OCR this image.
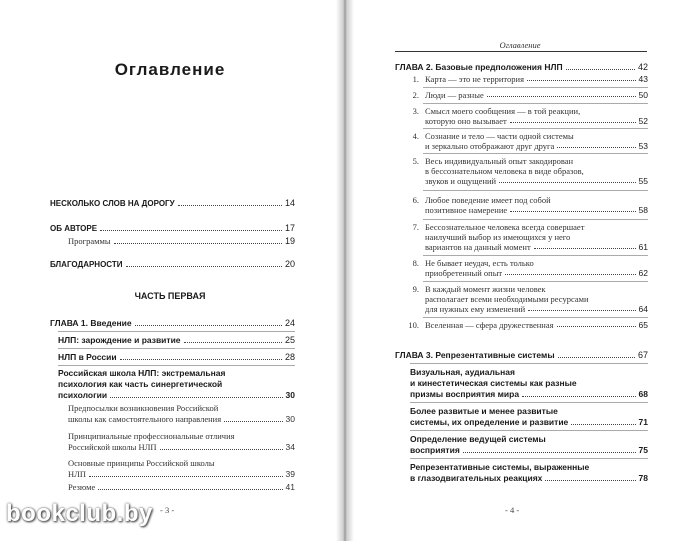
Оглавление
НЕСКОЛЬКО СЛОВ НА ДОРОГУ	14
ОБ АВТОРЕ	17
Программы	19
БЛАГОДАРНОСТИ	20
ЧАСТЬ ПЕРВАЯ
ГЛАВА 1. Введение	24
НЛП: зарождение и развитие	25
НЛП в России	28
Российская школа НЛП: экстремальная
психология как часть синергетической
психологии	30
Предпосылки возникновения Российской
школы как самостоятельного направления	30
Принципиальные профессиональные отличия
Российской школы НЛП	34
Основные принципы Российской школы
НЛП	39
Резюме	41
- 3 -
Оглавление
ГЛАВА 2. Базовые предположения НЛП	42
1. Карта — это не территория	43
2. Люди — разные	50
3. Смысл моего сообщения — в той реакции,
которую оно вызывает	52
4. Сознание и тело — части одной системы
и зеркально отображают друг друга	53
5. Весь индивидуальный опыт закодирован
в бессознательном человека в виде образов,
звуков и ощущений	55
6. Любое поведение имеет под собой
позитивное намерение	58
7. Бессознательное человека всегда совершает
наилучший выбор из имеющихся у него
вариантов на данный момент	61
8. Не бывает неудач, есть только
приобретенный опыт	62
9. В каждый момент жизни человек
располагает всеми необходимыми ресурсами
для нужных ему изменений	64
10. Вселенная — сфера дружественная	65
ГЛАВА 3. Репрезентативные системы	67
Визуальная, аудиальная
и кинестетическая системы как разные
призмы восприятия мира	68
Более развитые и менее развитые
системы, их определение и развитие	71
Определение ведущей системы
восприятия	75
Репрезентативные системы, выраженные
в глазодвигательных реакциях	78
- 4 -
bookclub.by
